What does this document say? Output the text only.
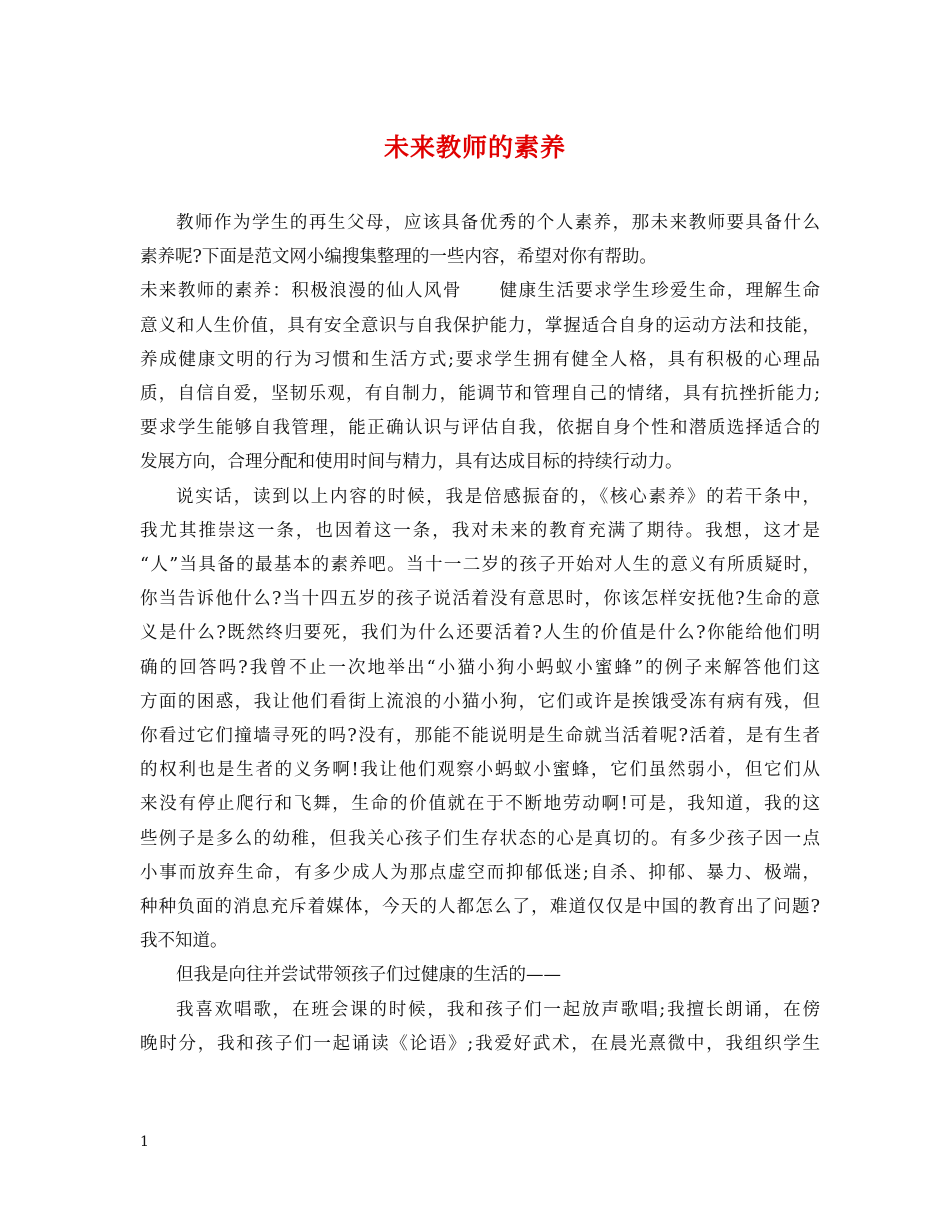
未来教师的素养
教师作为学生的再生父母，应该具备优秀的个人素养，那未来教师要具备什么
素养呢?下面是范文网小编搜集整理的一些内容，希望对你有帮助。
未来教师的素养：积极浪漫的仙人风骨　　健康生活要求学生珍爱生命，理解生命
意义和人生价值，具有安全意识与自我保护能力，掌握适合自身的运动方法和技能，
养成健康文明的行为习惯和生活方式;要求学生拥有健全人格，具有积极的心理品
质，自信自爱，坚韧乐观，有自制力，能调节和管理自己的情绪，具有抗挫折能力;
要求学生能够自我管理，能正确认识与评估自我，依据自身个性和潜质选择适合的
发展方向，合理分配和使用时间与精力，具有达成目标的持续行动力。
说实话，读到以上内容的时候，我是倍感振奋的，《核心素养》的若干条中，
我尤其推崇这一条，也因着这一条，我对未来的教育充满了期待。我想，这才是
“人”当具备的最基本的素养吧。当十一二岁的孩子开始对人生的意义有所质疑时，
你当告诉他什么?当十四五岁的孩子说活着没有意思时，你该怎样安抚他?生命的意
义是什么?既然终归要死，我们为什么还要活着?人生的价值是什么?你能给他们明
确的回答吗?我曾不止一次地举出“小猫小狗小蚂蚁小蜜蜂”的例子来解答他们这
方面的困惑，我让他们看街上流浪的小猫小狗，它们或许是挨饿受冻有病有残，但
你看过它们撞墙寻死的吗?没有，那能不能说明是生命就当活着呢?活着，是有生者
的权利也是生者的义务啊!我让他们观察小蚂蚁小蜜蜂，它们虽然弱小，但它们从
来没有停止爬行和飞舞，生命的价值就在于不断地劳动啊!可是，我知道，我的这
些例子是多么的幼稚，但我关心孩子们生存状态的心是真切的。有多少孩子因一点
小事而放弃生命，有多少成人为那点虚空而抑郁低迷;自杀、抑郁、暴力、极端，
种种负面的消息充斥着媒体，今天的人都怎么了，难道仅仅是中国的教育出了问题?
我不知道。
但我是向往并尝试带领孩子们过健康的生活的——
我喜欢唱歌，在班会课的时候，我和孩子们一起放声歌唱;我擅长朗诵，在傍
晚时分，我和孩子们一起诵读《论语》;我爱好武术，在晨光熹微中，我组织学生
1
